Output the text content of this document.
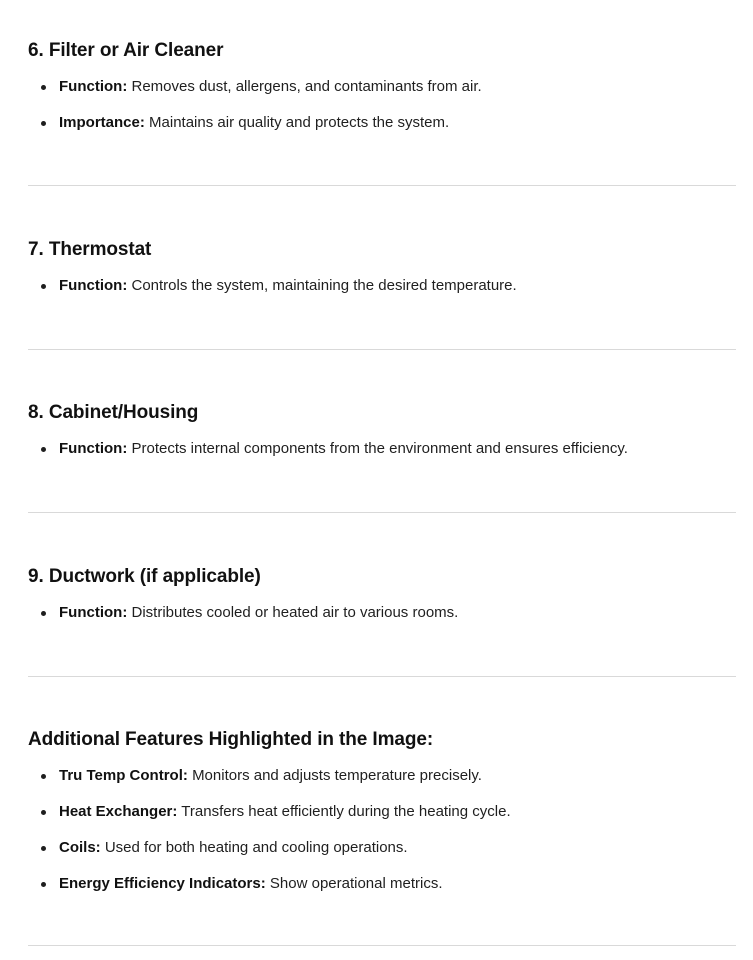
6. Filter or Air Cleaner
Function: Removes dust, allergens, and contaminants from air.
Importance: Maintains air quality and protects the system.
7. Thermostat
Function: Controls the system, maintaining the desired temperature.
8. Cabinet/Housing
Function: Protects internal components from the environment and ensures efficiency.
9. Ductwork (if applicable)
Function: Distributes cooled or heated air to various rooms.
Additional Features Highlighted in the Image:
Tru Temp Control: Monitors and adjusts temperature precisely.
Heat Exchanger: Transfers heat efficiently during the heating cycle.
Coils: Used for both heating and cooling operations.
Energy Efficiency Indicators: Show operational metrics.
